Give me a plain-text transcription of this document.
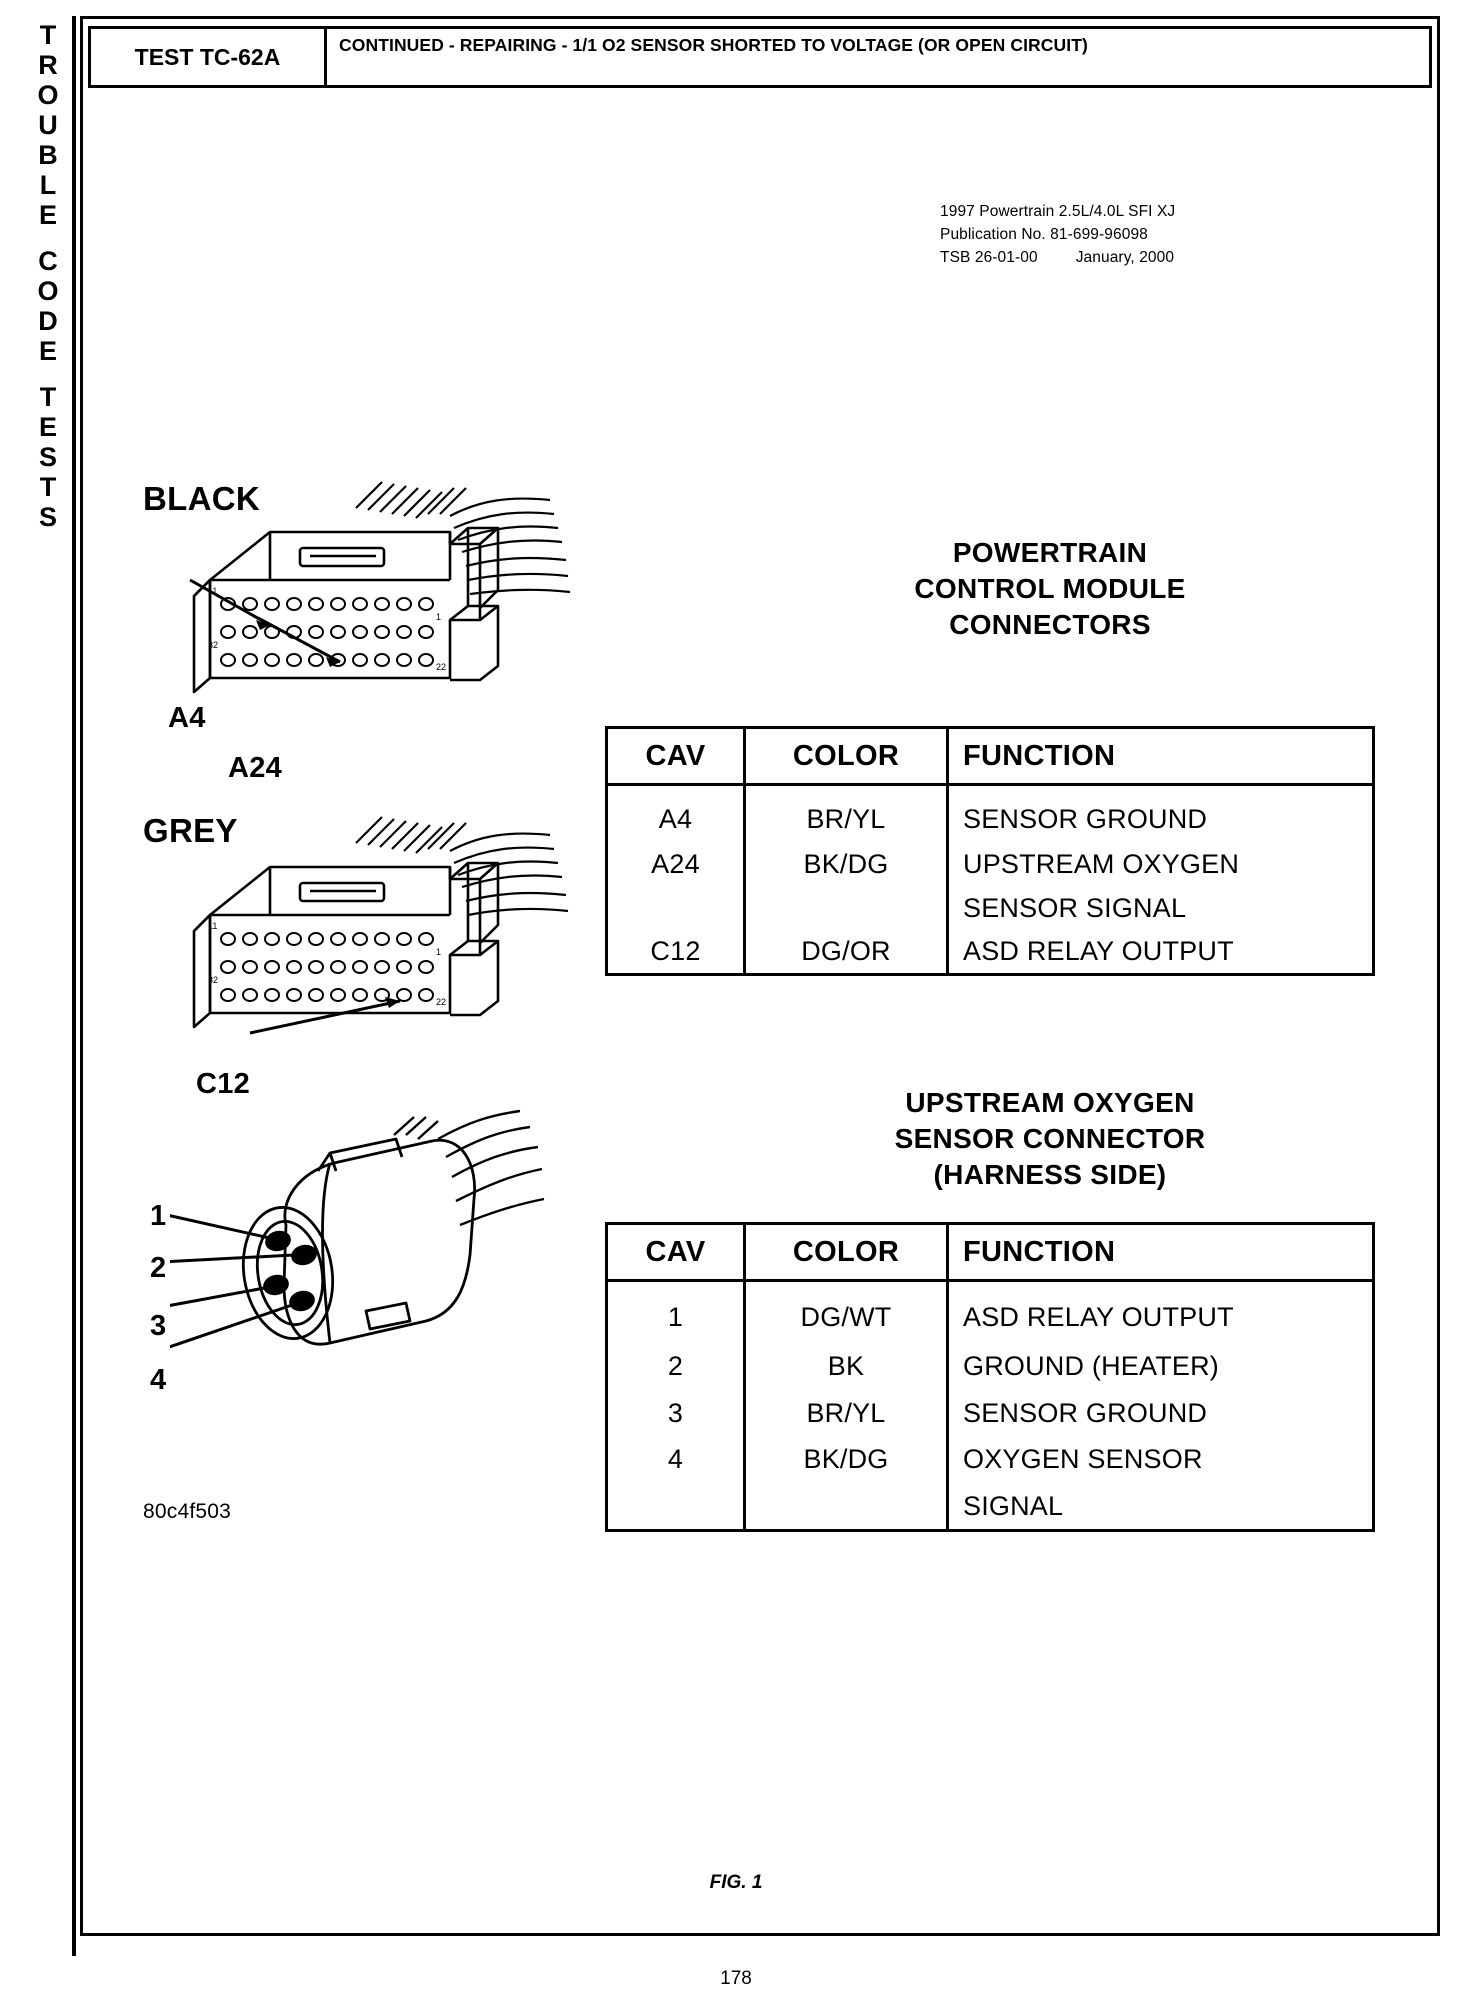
T
R
O
U
B
L
E
C
O
D
E
T
E
S
T
S
TEST TC-62A	CONTINUED - REPAIRING - 1/1 O2 SENSOR SHORTED TO VOLTAGE (OR OPEN CIRCUIT)
1997 Powertrain 2.5L/4.0L SFI XJ
Publication No. 81-699-96098
TSB 26-01-00 January, 2000
11
32
22
1
11
32
22
1
BLACK
GREY
A4
A24
C12
1
2
3
4
POWERTRAIN
CONTROL MODULE
CONNECTORS
CAV	COLOR	FUNCTION
A4	BR/YL	SENSOR GROUND
A24	BK/DG	UPSTREAM OXYGEN
		SENSOR SIGNAL
C12	DG/OR	ASD RELAY OUTPUT
UPSTREAM OXYGEN
SENSOR CONNECTOR
(HARNESS SIDE)
CAV	COLOR	FUNCTION
1	DG/WT	ASD RELAY OUTPUT
2	BK	GROUND (HEATER)
3	BR/YL	SENSOR GROUND
4	BK/DG	OXYGEN SENSOR
		SIGNAL
80c4f503
FIG. 1
178
